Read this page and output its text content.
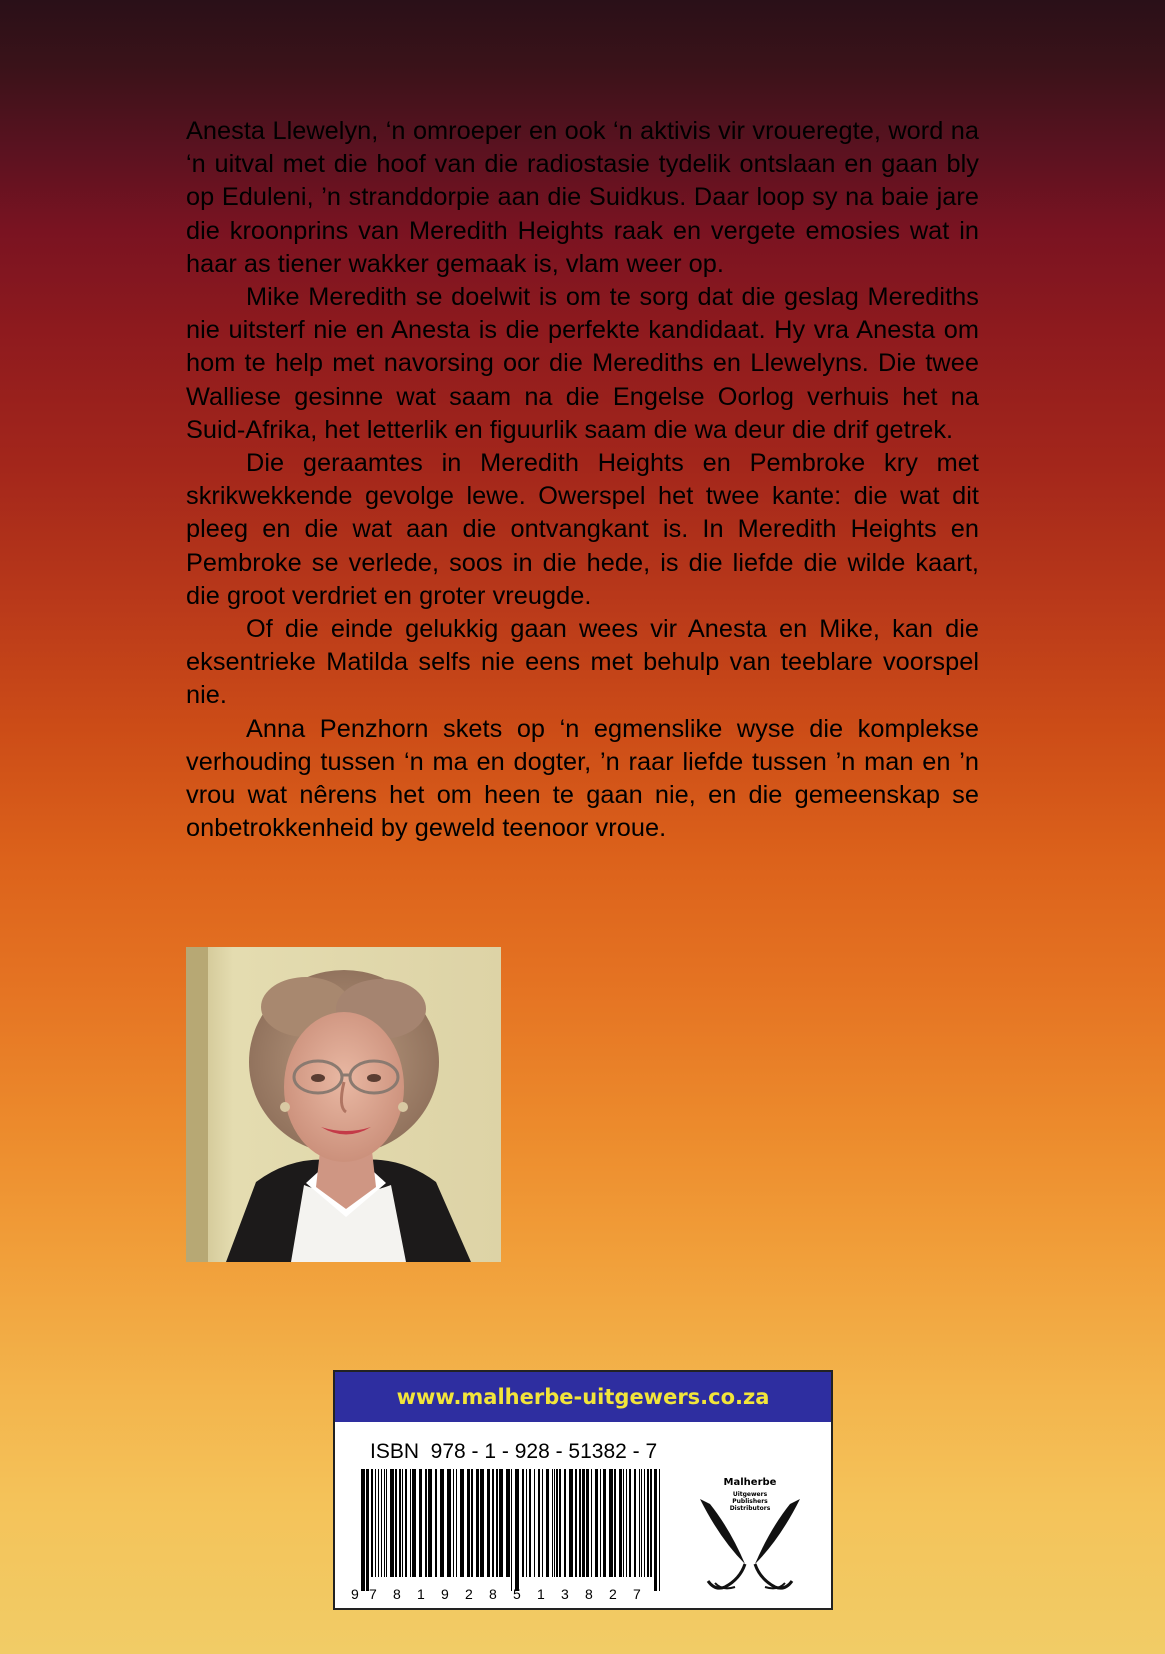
Anesta Llewelyn, ‘n omroeper en ook ‘n aktivis vir vroueregte, word na ‘n uitval met die hoof van die radiostasie tydelik ontslaan en gaan bly op Eduleni, ’n stranddorpie aan die Suidkus. Daar loop sy na baie jare die kroonprins van Meredith Heights raak en vergete emosies wat in haar as tiener wakker gemaak is, vlam weer op.

Mike Meredith se doelwit is om te sorg dat die geslag Merediths nie uitsterf nie en Anesta is die perfekte kandidaat. Hy vra Anesta om hom te help met navorsing oor die Merediths en Llewelyns. Die twee Walliese gesinne wat saam na die Engelse Oorlog verhuis het na Suid-Afrika, het letterlik en figuurlik saam die wa deur die drif getrek.

Die geraamtes in Meredith Heights en Pembroke kry met skrikwekkende gevolge lewe. Owerspel het twee kante: die wat dit pleeg en die wat aan die ontvangkant is. In Meredith Heights en Pembroke se verlede, soos in die hede, is die liefde die wilde kaart, die groot verdriet en groter vreugde.

Of die einde gelukkig gaan wees vir Anesta en Mike, kan die eksentrieke Matilda selfs nie eens met behulp van teeblare voorspel nie.

Anna Penzhorn skets op ‘n egmenslike wyse die komplekse verhouding tussen ‘n ma en dogter, ’n raar liefde tussen ’n man en ’n vrou wat nêrens het om heen te gaan nie, en die gemeenskap se onbetrokkenheid by geweld teenoor vroue.

www.malherbe-uitgewers.co.za
ISBN  978 - 1 - 928 - 51382 - 7
9 7 8 1 9 2 8 5 1 3 8 2 7
Malherbe
Uitgewers
Publishers
Distributors
